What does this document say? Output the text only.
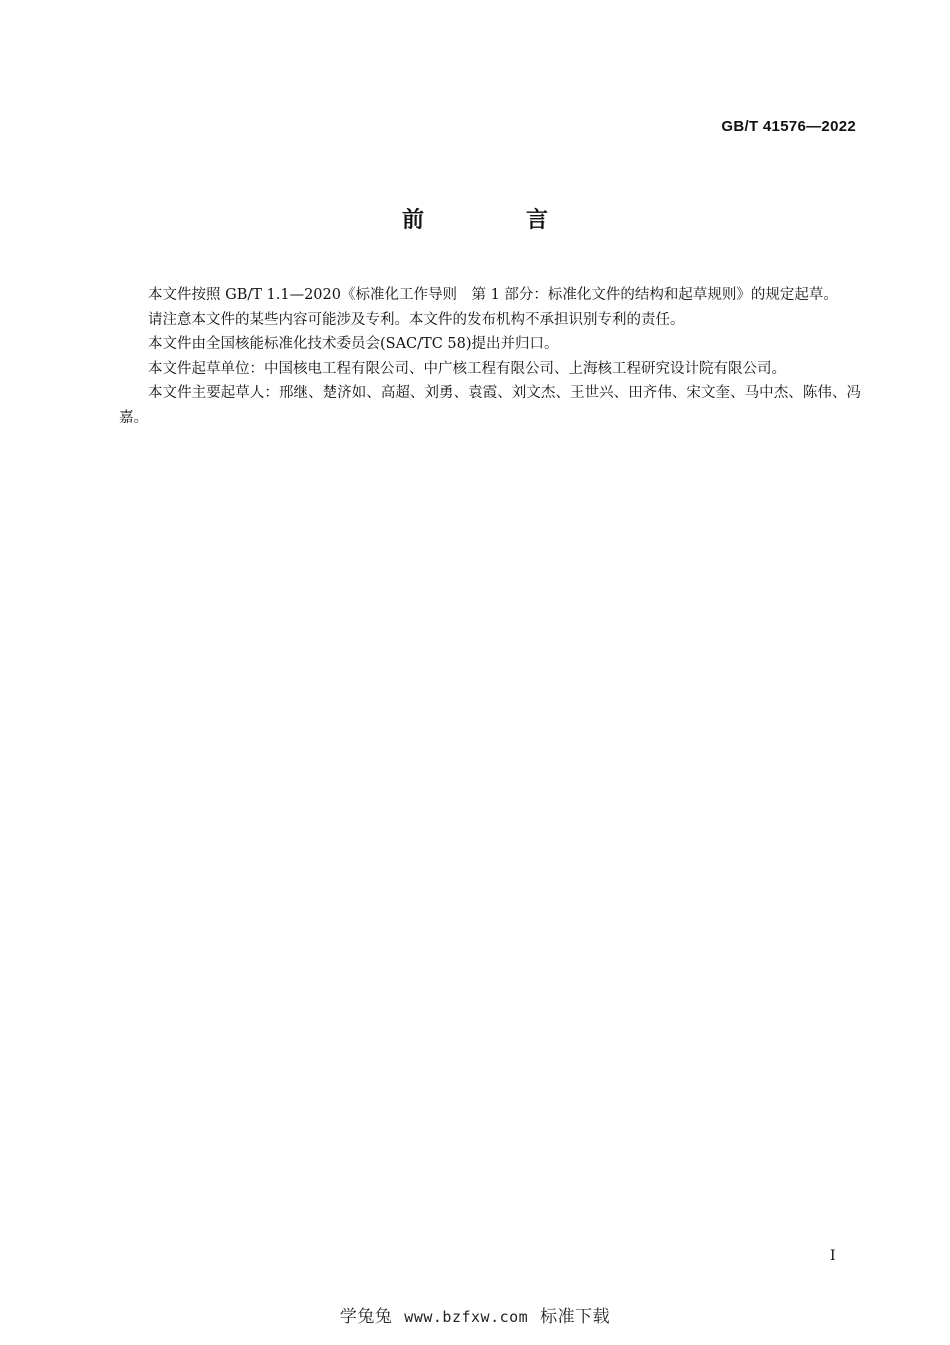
GB/T 41576—2022
前　言

本文件按照 GB/T 1.1—2020《标准化工作导则　第 1 部分：标准化文件的结构和起草规则》的规定起草。

请注意本文件的某些内容可能涉及专利。本文件的发布机构不承担识别专利的责任。

本文件由全国核能标准化技术委员会(SAC/TC 58)提出并归口。

本文件起草单位：中国核电工程有限公司、中广核工程有限公司、上海核工程研究设计院有限公司。

本文件主要起草人：邢继、楚济如、高超、刘勇、袁霞、刘文杰、王世兴、田齐伟、宋文奎、马中杰、陈伟、冯嘉。

I
学兔兔 www.bzfxw.com 标准下载
